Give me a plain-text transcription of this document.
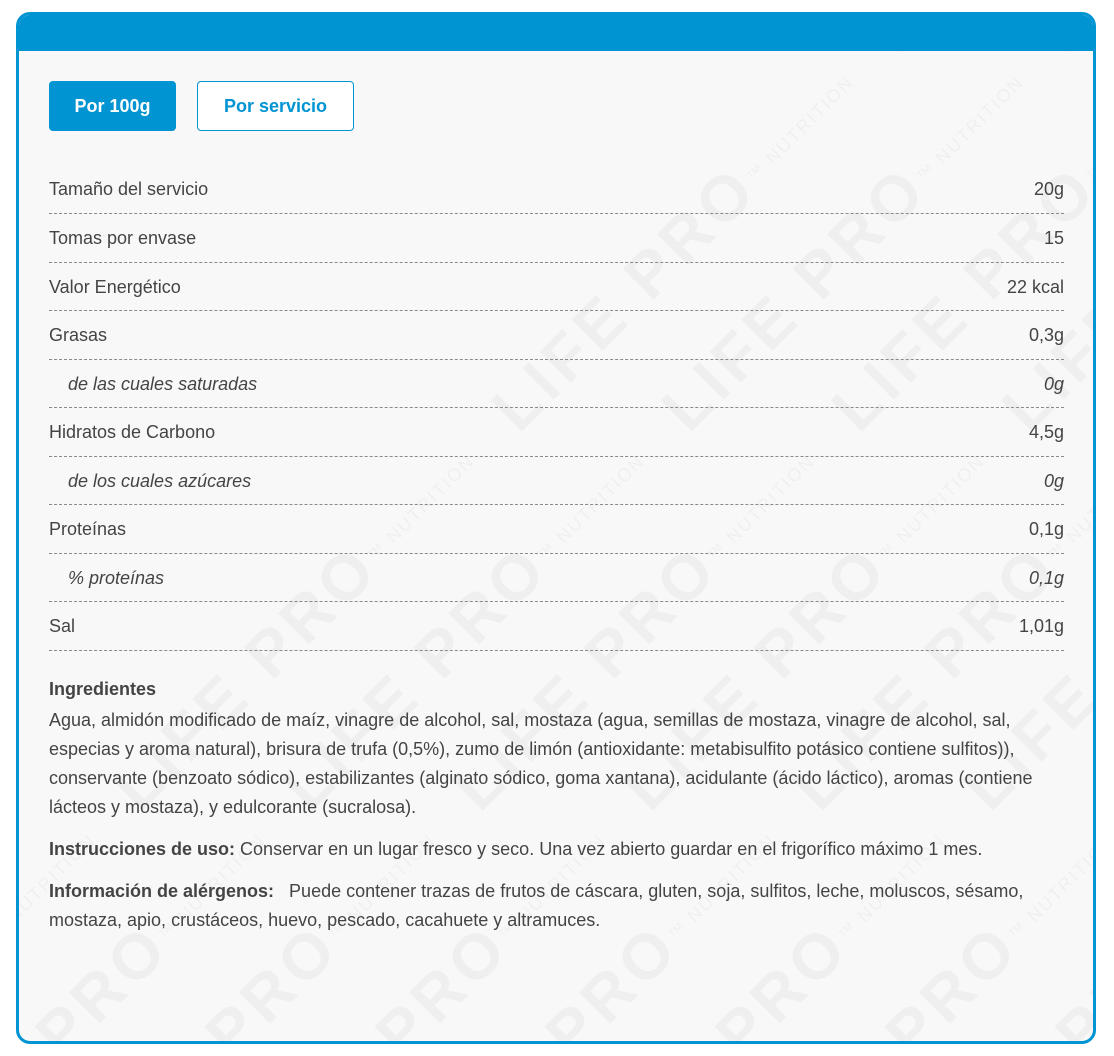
Por 100g	Por servicio
Tamaño del servicio	20g
Tomas por envase	15
Valor Energético	22 kcal
Grasas	0,3g
de las cuales saturadas	0g
Hidratos de Carbono	4,5g
de los cuales azúcares	0g
Proteínas	0,1g
% proteínas	0,1g
Sal	1,01g
Ingredientes
Agua, almidón modificado de maíz, vinagre de alcohol, sal, mostaza (agua, semillas de mostaza, vinagre de alcohol, sal, especias y aroma natural), brisura de trufa (0,5%), zumo de limón (antioxidante: metabisulfito potásico contiene sulfitos)), conservante (benzoato sódico), estabilizantes (alginato sódico, goma xantana), acidulante (ácido láctico), aromas (contiene lácteos y mostaza), y edulcorante (sucralosa).
Instrucciones de uso: Conservar en un lugar fresco y seco. Una vez abierto guardar en el frigorífico máximo 1 mes.
Información de alérgenos:   Puede contener trazas de frutos de cáscara, gluten, soja, sulfitos, leche, moluscos, sésamo, mostaza, apio, crustáceos, huevo, pescado, cacahuete y altramuces.
